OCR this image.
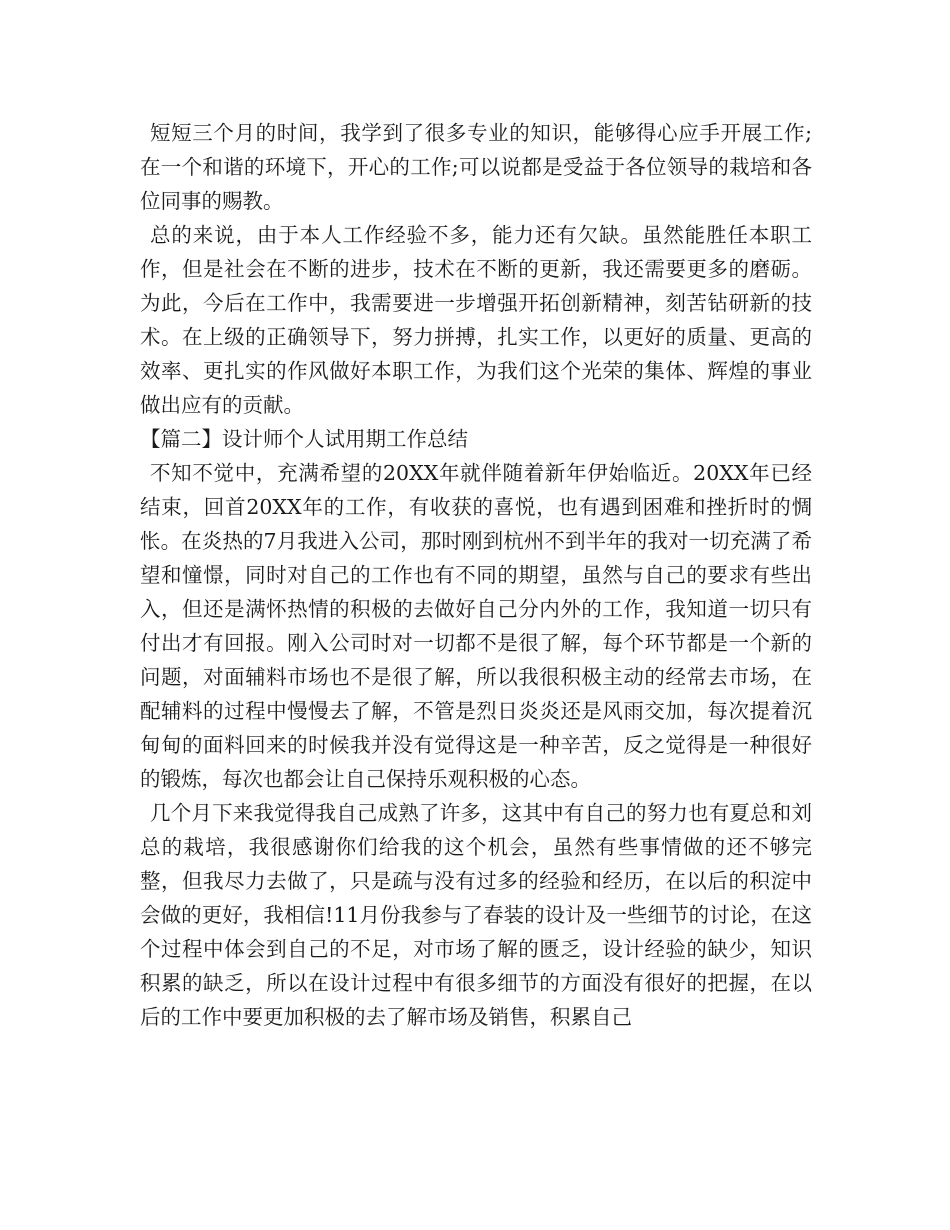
短短三个月的时间，我学到了很多专业的知识，能够得心应手开展工作;在一个和谐的环境下，开心的工作;可以说都是受益于各位领导的栽培和各位同事的赐教。

总的来说，由于本人工作经验不多，能力还有欠缺。虽然能胜任本职工作，但是社会在不断的进步，技术在不断的更新，我还需要更多的磨砺。为此，今后在工作中，我需要进一步增强开拓创新精神，刻苦钻研新的技术。在上级的正确领导下，努力拼搏，扎实工作，以更好的质量、更高的效率、更扎实的作风做好本职工作，为我们这个光荣的集体、辉煌的事业做出应有的贡献。

【篇二】设计师个人试用期工作总结

不知不觉中，充满希望的20XX年就伴随着新年伊始临近。20XX年已经结束，回首20XX年的工作，有收获的喜悦，也有遇到困难和挫折时的惆怅。在炎热的7月我进入公司，那时刚到杭州不到半年的我对一切充满了希望和憧憬，同时对自己的工作也有不同的期望，虽然与自己的要求有些出入，但还是满怀热情的积极的去做好自己分内外的工作，我知道一切只有付出才有回报。刚入公司时对一切都不是很了解，每个环节都是一个新的问题，对面辅料市场也不是很了解，所以我很积极主动的经常去市场，在配辅料的过程中慢慢去了解，不管是烈日炎炎还是风雨交加，每次提着沉甸甸的面料回来的时候我并没有觉得这是一种辛苦，反之觉得是一种很好的锻炼，每次也都会让自己保持乐观积极的心态。

几个月下来我觉得我自己成熟了许多，这其中有自己的努力也有夏总和刘总的栽培，我很感谢你们给我的这个机会，虽然有些事情做的还不够完整，但我尽力去做了，只是疏与没有过多的经验和经历，在以后的积淀中会做的更好，我相信!11月份我参与了春装的设计及一些细节的讨论，在这个过程中体会到自己的不足，对市场了解的匮乏，设计经验的缺少，知识积累的缺乏，所以在设计过程中有很多细节的方面没有很好的把握，在以后的工作中要更加积极的去了解市场及销售，积累自己
